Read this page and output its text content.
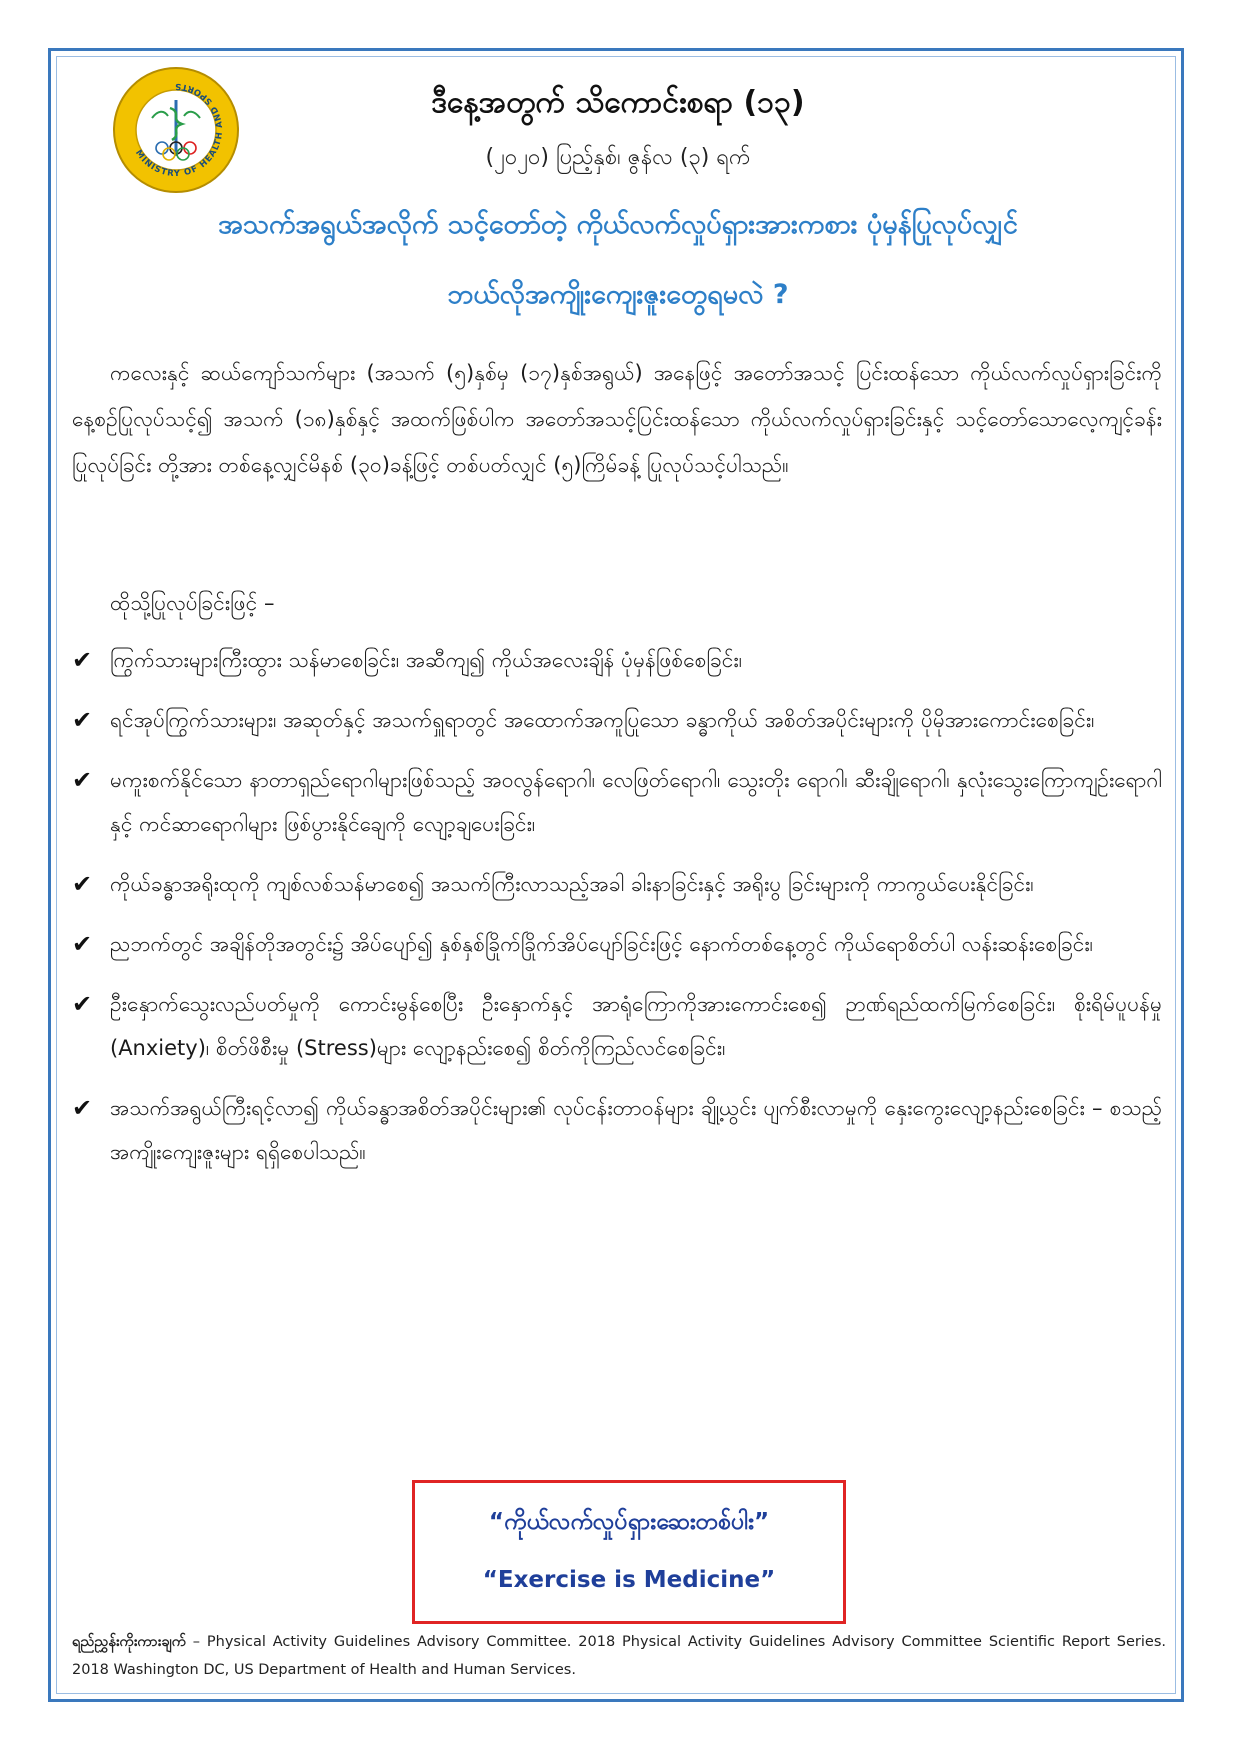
MINISTRY OF HEALTH AND SPORTS	ဒီနေ့အတွက် သိကောင်းစရာ (၁၃)
(၂၀၂၀) ပြည့်နှစ်၊ ဇွန်လ (၃) ရက်
အသက်အရွယ်အလိုက် သင့်တော်တဲ့ ကိုယ်လက်လှုပ်ရှားအားကစား ပုံမှန်ပြုလုပ်လျှင်
ဘယ်လိုအကျိုးကျေးဇူးတွေရမလဲ ?
ကလေးနှင့် ဆယ်ကျော်သက်များ (အသက် (၅)နှစ်မှ (၁၇)နှစ်အရွယ်) အနေဖြင့် အတော်အသင့် ပြင်းထန်သော ကိုယ်လက်လှုပ်ရှားခြင်းကို နေ့စဉ်ပြုလုပ်သင့်၍ အသက် (၁၈)နှစ်နှင့် အထက်ဖြစ်ပါက အတော်အသင့်ပြင်းထန်သော ကိုယ်လက်လှုပ်ရှားခြင်းနှင့် သင့်တော်သောလေ့ကျင့်ခန်းပြုလုပ်ခြင်း တို့အား တစ်နေ့လျှင်မိနစ် (၃၀)ခန့်ဖြင့် တစ်ပတ်လျှင် (၅)ကြိမ်ခန့် ပြုလုပ်သင့်ပါသည်။
ထိုသို့ပြုလုပ်ခြင်းဖြင့် –
✔ ကြွက်သားများကြီးထွား သန်မာစေခြင်း၊ အဆီကျ၍ ကိုယ်အလေးချိန် ပုံမှန်ဖြစ်စေခြင်း၊
✔ ရင်အုပ်ကြွက်သားများ၊ အဆုတ်နှင့် အသက်ရှူရာတွင် အထောက်အကူပြုသော ခန္ဓာကိုယ် အစိတ်အပိုင်းများကို ပိုမိုအားကောင်းစေခြင်း၊
✔ မကူးစက်နိုင်သော နာတာရှည်ရောဂါများဖြစ်သည့် အဝလွန်ရောဂါ၊ လေဖြတ်ရောဂါ၊ သွေးတိုး ရောဂါ၊ ဆီးချိုရောဂါ၊ နှလုံးသွေးကြောကျဉ်းရောဂါနှင့် ကင်ဆာရောဂါများ ဖြစ်ပွားနိုင်ချေကို လျော့ချပေးခြင်း၊
✔ ကိုယ်ခန္ဓာအရိုးထုကို ကျစ်လစ်သန်မာစေ၍ အသက်ကြီးလာသည့်အခါ ခါးနာခြင်းနှင့် အရိုးပွ ခြင်းများကို ကာကွယ်ပေးနိုင်ခြင်း၊
✔ ညဘက်တွင် အချိန်တိုအတွင်း၌ အိပ်ပျော်၍ နှစ်နှစ်ခြိုက်ခြိုက်အိပ်ပျော်ခြင်းဖြင့် နောက်တစ်နေ့တွင် ကိုယ်ရောစိတ်ပါ လန်းဆန်းစေခြင်း၊
✔ ဦးနှောက်သွေးလည်ပတ်မှုကို ကောင်းမွန်စေပြီး ဦးနှောက်နှင့် အာရုံကြောကိုအားကောင်းစေ၍ ဉာဏ်ရည်ထက်မြက်စေခြင်း၊ စိုးရိမ်ပူပန်မှု (Anxiety)၊ စိတ်ဖိစီးမှု (Stress)များ လျော့နည်းစေ၍ စိတ်ကိုကြည်လင်စေခြင်း၊
✔ အသက်အရွယ်ကြီးရင့်လာ၍ ကိုယ်ခန္ဓာအစိတ်အပိုင်းများ၏ လုပ်ငန်းတာဝန်များ ချို့ယွင်း ပျက်စီးလာမှုကို နှေးကွေးလျော့နည်းစေခြင်း – စသည့် အကျိုးကျေးဇူးများ ရရှိစေပါသည်။
“ကိုယ်လက်လှုပ်ရှားဆေးတစ်ပါး”
“Exercise is Medicine”
ရည်ညွှန်းကိုးကားချက် – Physical Activity Guidelines Advisory Committee. 2018 Physical Activity Guidelines Advisory Committee Scientific Report Series. 2018 Washington DC, US Department of Health and Human Services.
